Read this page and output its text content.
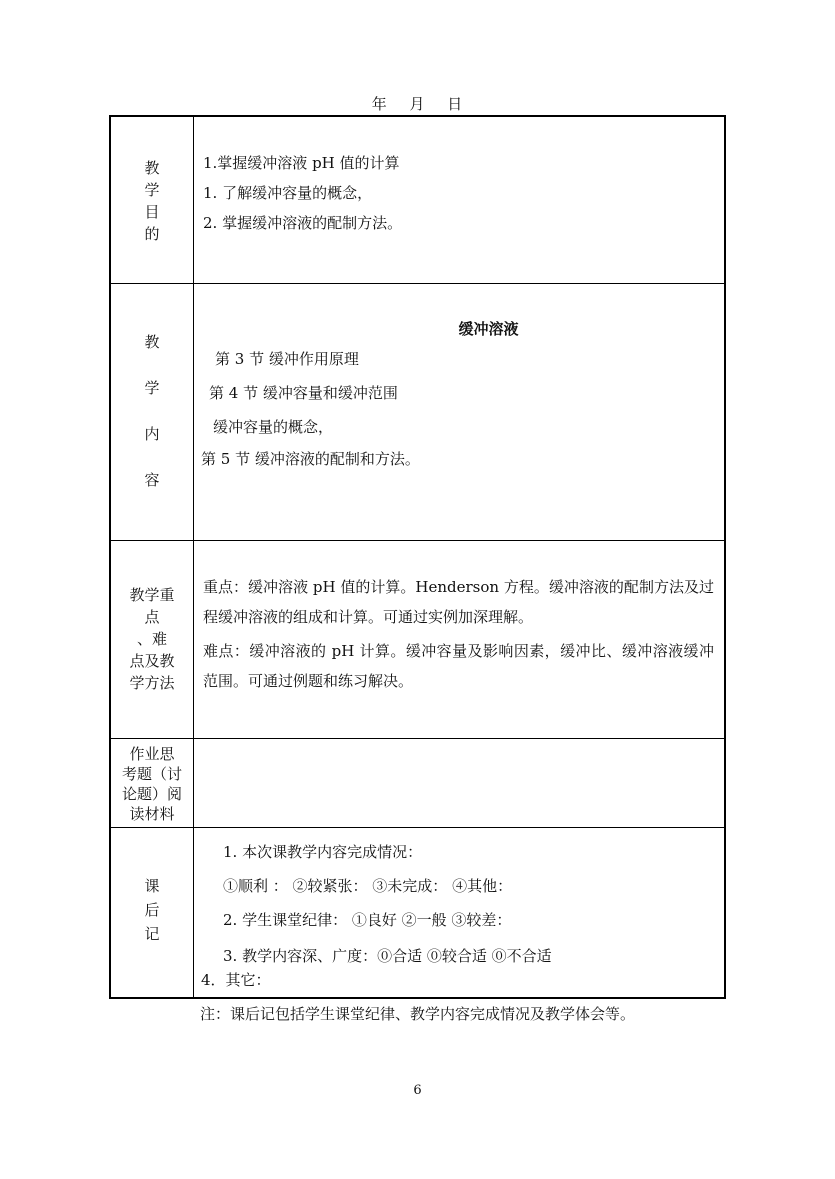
年 月 日
教
学
目
的
1.掌握缓冲溶液 pH 值的计算
1. 了解缓冲容量的概念，
2. 掌握缓冲溶液的配制方法。
教
学
内
容
缓冲溶液
第 3 节 缓冲作用原理
第 4 节 缓冲容量和缓冲范围
缓冲容量的概念，
第 5 节 缓冲溶液的配制和方法。
教学重
点
、难
点及教
学方法
重点：缓冲溶液 pH 值的计算。Henderson 方程。缓冲溶液的配制方法及过程缓冲溶液的组成和计算。可通过实例加深理解。
难点：缓冲溶液的 pH 计算。缓冲容量及影响因素，缓冲比、缓冲溶液缓冲范围。可通过例题和练习解决。
作业思
考题（讨
论题）阅
读材料
课
后
记
1. 本次课教学内容完成情况：
①顺利 ： ②较紧张： ③未完成： ④其他：
2. 学生课堂纪律： ①良好 ②一般 ③较差：
3. 教学内容深、广度：⓪合适 ⓪较合适 ⓪不合适
4．其它：
注：课后记包括学生课堂纪律、教学内容完成情况及教学体会等。
6
